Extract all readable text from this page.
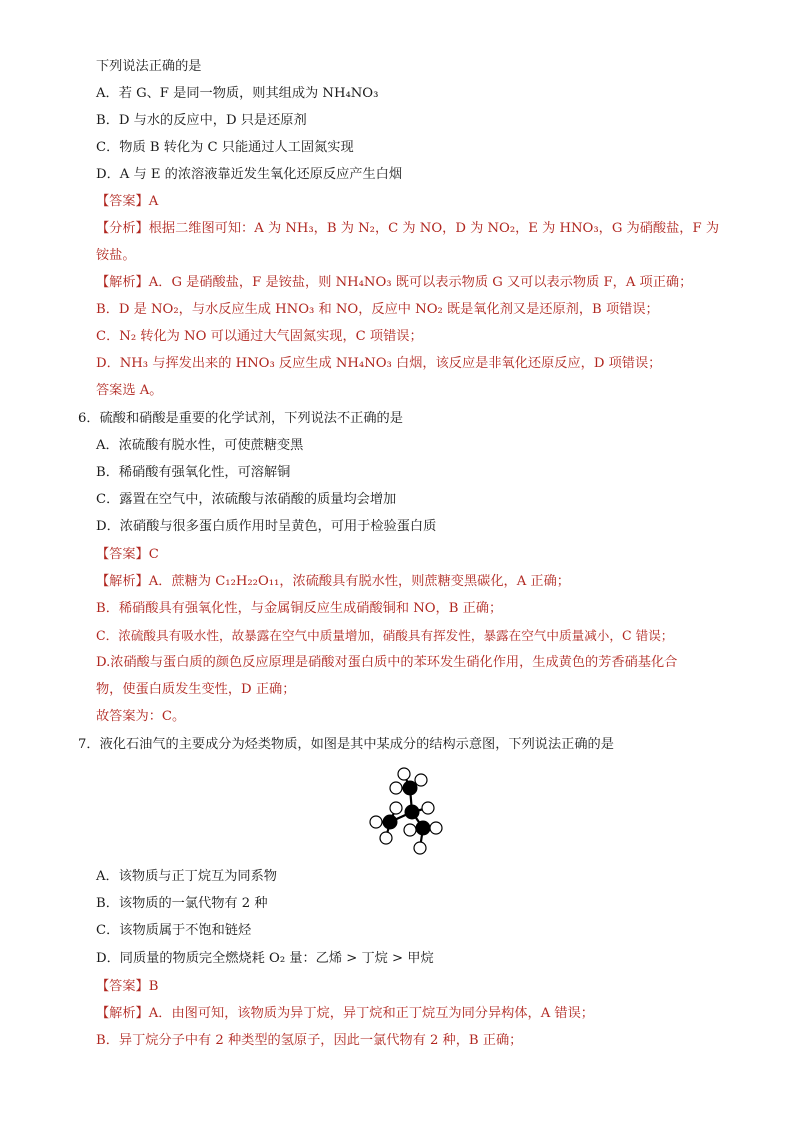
下列说法正确的是
A．若 G、F 是同一物质，则其组成为 NH₄NO₃
B．D 与水的反应中，D 只是还原剂
C．物质 B 转化为 C 只能通过人工固氮实现
D．A 与 E 的浓溶液靠近发生氧化还原反应产生白烟
【答案】A
【分析】根据二维图可知：A 为 NH₃，B 为 N₂，C 为 NO，D 为 NO₂，E 为 HNO₃，G 为硝酸盐，F 为
铵盐。
【解析】A．G 是硝酸盐，F 是铵盐，则 NH₄NO₃ 既可以表示物质 G 又可以表示物质 F，A 项正确；
B．D 是 NO₂，与水反应生成 HNO₃ 和 NO，反应中 NO₂ 既是氧化剂又是还原剂，B 项错误；
C．N₂ 转化为 NO 可以通过大气固氮实现，C 项错误；
D．NH₃ 与挥发出来的 HNO₃ 反应生成 NH₄NO₃ 白烟，该反应是非氧化还原反应，D 项错误；
答案选 A。
6．硫酸和硝酸是重要的化学试剂，下列说法不正确的是
A．浓硫酸有脱水性，可使蔗糖变黑
B．稀硝酸有强氧化性，可溶解铜
C．露置在空气中，浓硫酸与浓硝酸的质量均会增加
D．浓硝酸与很多蛋白质作用时呈黄色，可用于检验蛋白质
【答案】C
【解析】A．蔗糖为 C₁₂H₂₂O₁₁，浓硫酸具有脱水性，则蔗糖变黑碳化，A 正确；
B．稀硝酸具有强氧化性，与金属铜反应生成硝酸铜和 NO，B 正确；
C．浓硫酸具有吸水性，故暴露在空气中质量增加，硝酸具有挥发性，暴露在空气中质量减小，C 错误；
D.浓硝酸与蛋白质的颜色反应原理是硝酸对蛋白质中的苯环发生硝化作用，生成黄色的芳香硝基化合
物，使蛋白质发生变性，D 正确；
故答案为：C。
7．液化石油气的主要成分为烃类物质，如图是其中某成分的结构示意图，下列说法正确的是
A．该物质与正丁烷互为同系物
B．该物质的一氯代物有 2 种
C．该物质属于不饱和链烃
D．同质量的物质完全燃烧耗 O₂ 量：乙烯 > 丁烷 > 甲烷
【答案】B
【解析】A．由图可知，该物质为异丁烷，异丁烷和正丁烷互为同分异构体，A 错误；
B．异丁烷分子中有 2 种类型的氢原子，因此一氯代物有 2 种，B 正确；
